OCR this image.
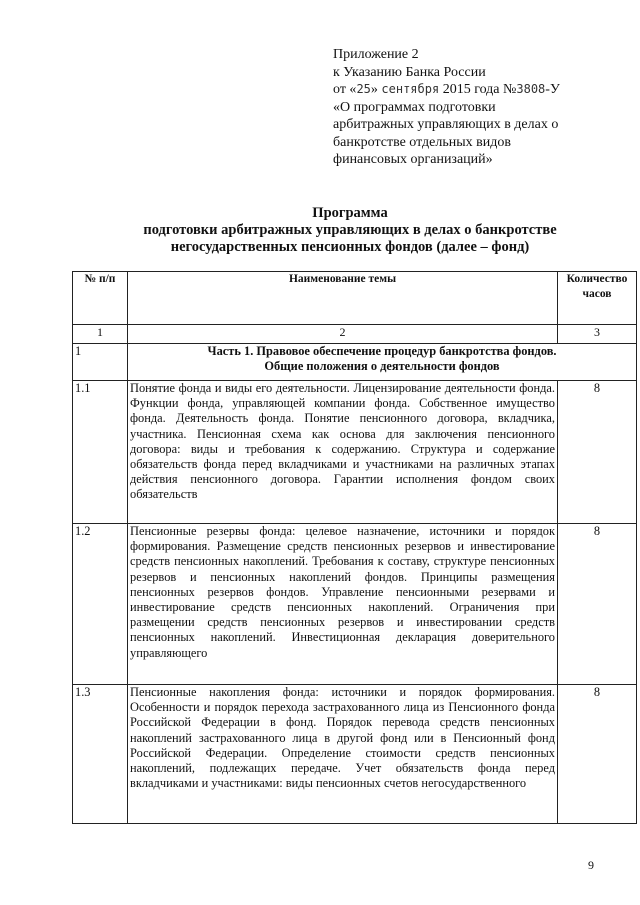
Приложение 2
к Указанию Банка России
от «25» сентября 2015 года №3808-У
«О программах подготовки
арбитражных управляющих в делах о
банкротстве отдельных видов
финансовых организаций»
Программа
подготовки арбитражных управляющих в делах о банкротстве
негосударственных пенсионных фондов (далее – фонд)
№ п/п	Наименование темы	Количество часов
1	2	3
1	Часть 1. Правовое обеспечение процедур банкротства фондов.
Общие положения о деятельности фондов	
1.1	Понятие фонда и виды его деятельности. Лицензирование деятельности фонда. Функции фонда, управляющей компании фонда. Собственное имущество фонда. Деятельность фонда. Понятие пенсионного договора, вкладчика, участника. Пенсионная схема как основа для заключения пенсионного договора: виды и требования к содержанию. Структура и содержание обязательств фонда перед вкладчиками и участниками на различных этапах действия пенсионного договора. Гарантии исполнения фондом своих обязательств	8
1.2	Пенсионные резервы фонда: целевое назначение, источники и порядок формирования. Размещение средств пенсионных резервов и инвестирование средств пенсионных накоплений. Требования к составу, структуре пенсионных резервов и пенсионных накоплений фондов. Принципы размещения пенсионных резервов фондов. Управление пенсионными резервами и инвестирование средств пенсионных накоплений. Ограничения при размещении средств пенсионных резервов и инвестировании средств пенсионных накоплений. Инвестиционная декларация доверительного управляющего	8
1.3	Пенсионные накопления фонда: источники и порядок формирования. Особенности и порядок перехода застрахованного лица из Пенсионного фонда Российской Федерации в фонд. Порядок перевода средств пенсионных накоплений застрахованного лица в другой фонд или в Пенсионный фонд Российской Федерации. Определение стоимости средств пенсионных накоплений, подлежащих передаче. Учет обязательств фонда перед вкладчиками и участниками: виды пенсионных счетов негосударственного	8
9
